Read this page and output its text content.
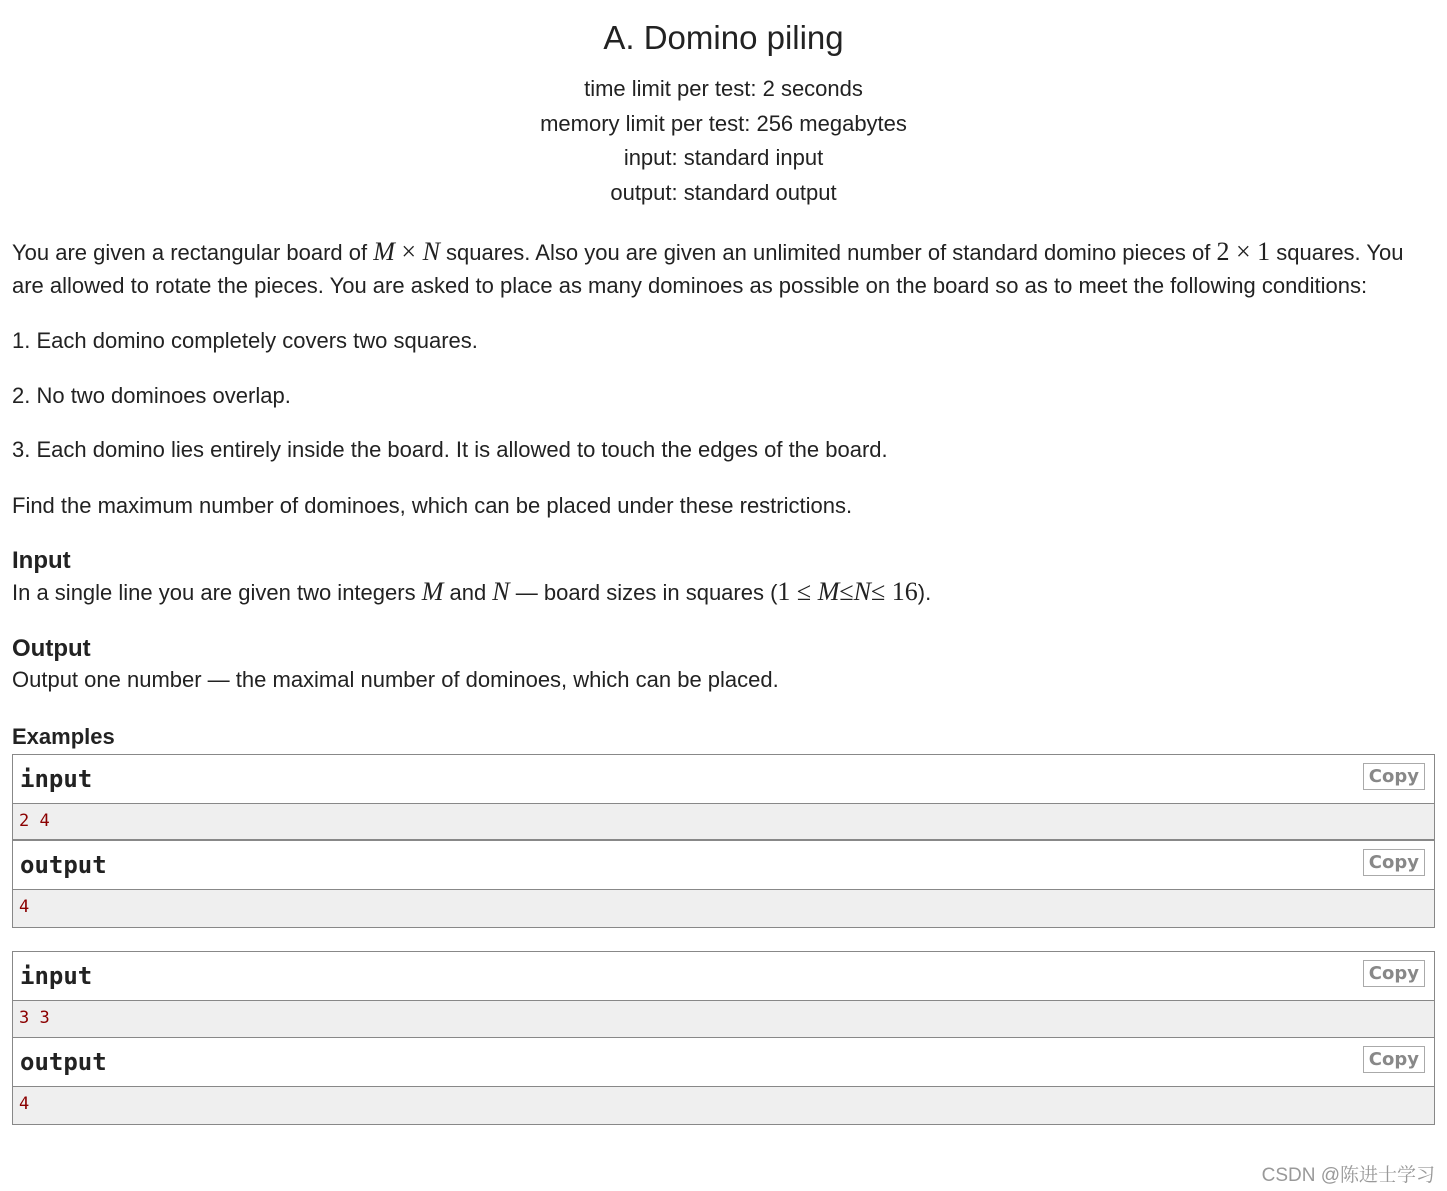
A. Domino piling
time limit per test: 2 seconds
memory limit per test: 256 megabytes
input: standard input
output: standard output

You are given a rectangular board of M × N squares. Also you are given an unlimited number of standard domino pieces of 2 × 1 squares. You are allowed to rotate the pieces. You are asked to place as many dominoes as possible on the board so as to meet the following conditions:

1. Each domino completely covers two squares.

2. No two dominoes overlap.

3. Each domino lies entirely inside the board. It is allowed to touch the edges of the board.

Find the maximum number of dominoes, which can be placed under these restrictions.

Input

In a single line you are given two integers M and N — board sizes in squares (1 ≤ M≤N≤ 16).

Output

Output one number — the maximal number of dominoes, which can be placed.

Examples
input	Copy
2 4
output	Copy
4
input	Copy
3 3
output	Copy
4
CSDN @陈进士学习
